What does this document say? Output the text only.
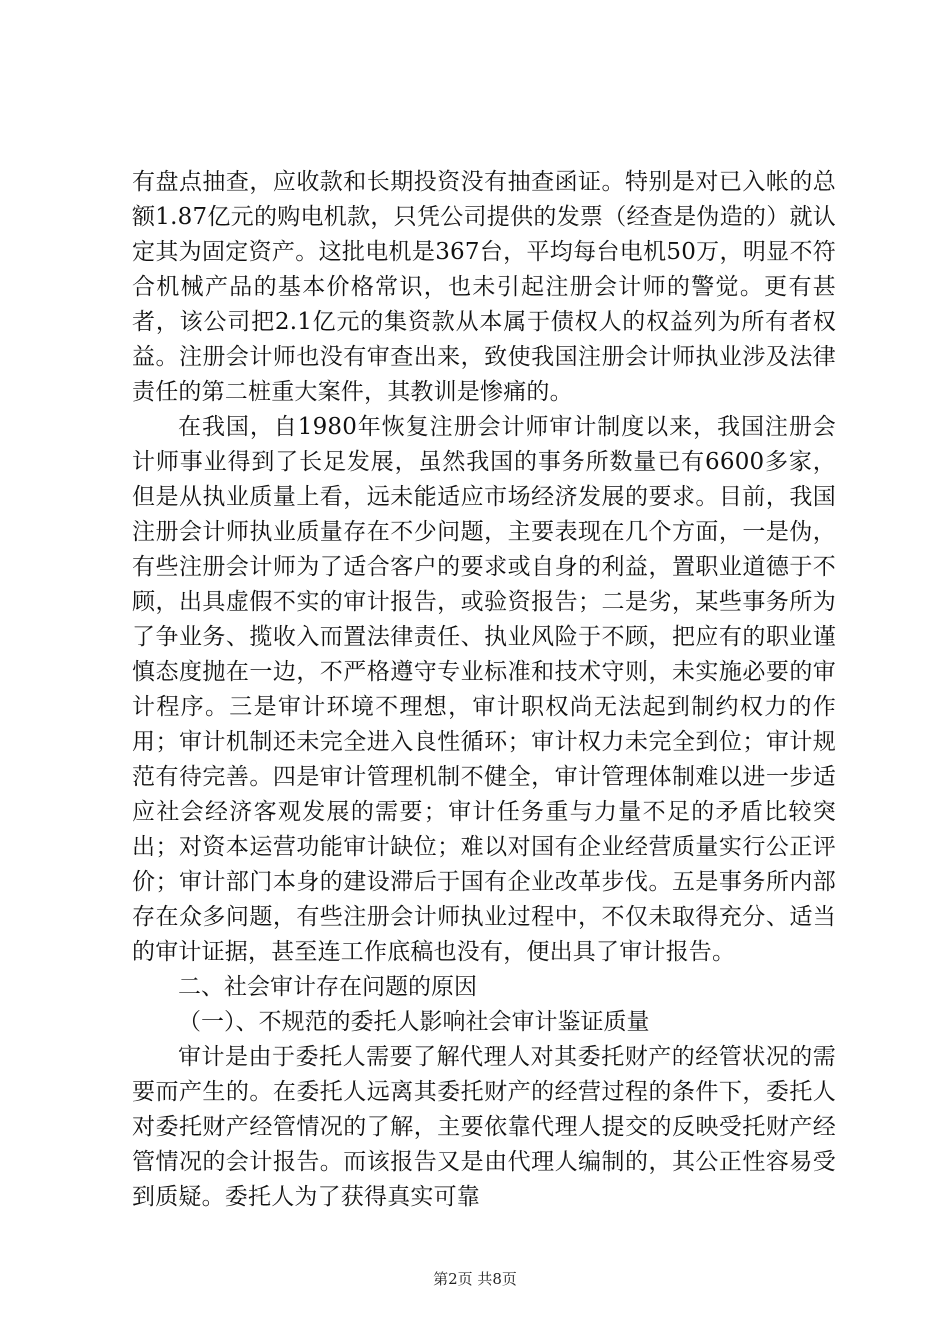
有盘点抽查，应收款和长期投资没有抽查函证。特别是对已入帐的总额1.87亿元的购电机款，只凭公司提供的发票（经查是伪造的）就认定其为固定资产。这批电机是367台，平均每台电机50万，明显不符合机械产品的基本价格常识，也未引起注册会计师的警觉。更有甚者，该公司把2.1亿元的集资款从本属于债权人的权益列为所有者权益。注册会计师也没有审查出来，致使我国注册会计师执业涉及法律责任的第二桩重大案件，其教训是惨痛的。

在我国，自1980年恢复注册会计师审计制度以来，我国注册会计师事业得到了长足发展，虽然我国的事务所数量已有6600多家，但是从执业质量上看，远未能适应市场经济发展的要求。目前，我国注册会计师执业质量存在不少问题，主要表现在几个方面，一是伪，有些注册会计师为了适合客户的要求或自身的利益，置职业道德于不顾，出具虚假不实的审计报告，或验资报告；二是劣，某些事务所为了争业务、揽收入而置法律责任、执业风险于不顾，把应有的职业谨慎态度抛在一边，不严格遵守专业标准和技术守则，未实施必要的审计程序。三是审计环境不理想，审计职权尚无法起到制约权力的作用；审计机制还未完全进入良性循环；审计权力未完全到位；审计规范有待完善。四是审计管理机制不健全，审计管理体制难以进一步适应社会经济客观发展的需要；审计任务重与力量不足的矛盾比较突出；对资本运营功能审计缺位；难以对国有企业经营质量实行公正评价；审计部门本身的建设滞后于国有企业改革步伐。五是事务所内部存在众多问题，有些注册会计师执业过程中，不仅未取得充分、适当的审计证据，甚至连工作底稿也没有，便出具了审计报告。

二、社会审计存在问题的原因

（一）、不规范的委托人影响社会审计鉴证质量

审计是由于委托人需要了解代理人对其委托财产的经管状况的需要而产生的。在委托人远离其委托财产的经营过程的条件下，委托人对委托财产经管情况的了解，主要依靠代理人提交的反映受托财产经管情况的会计报告。而该报告又是由代理人编制的，其公正性容易受到质疑。委托人为了获得真实可靠

第2页 共8页
